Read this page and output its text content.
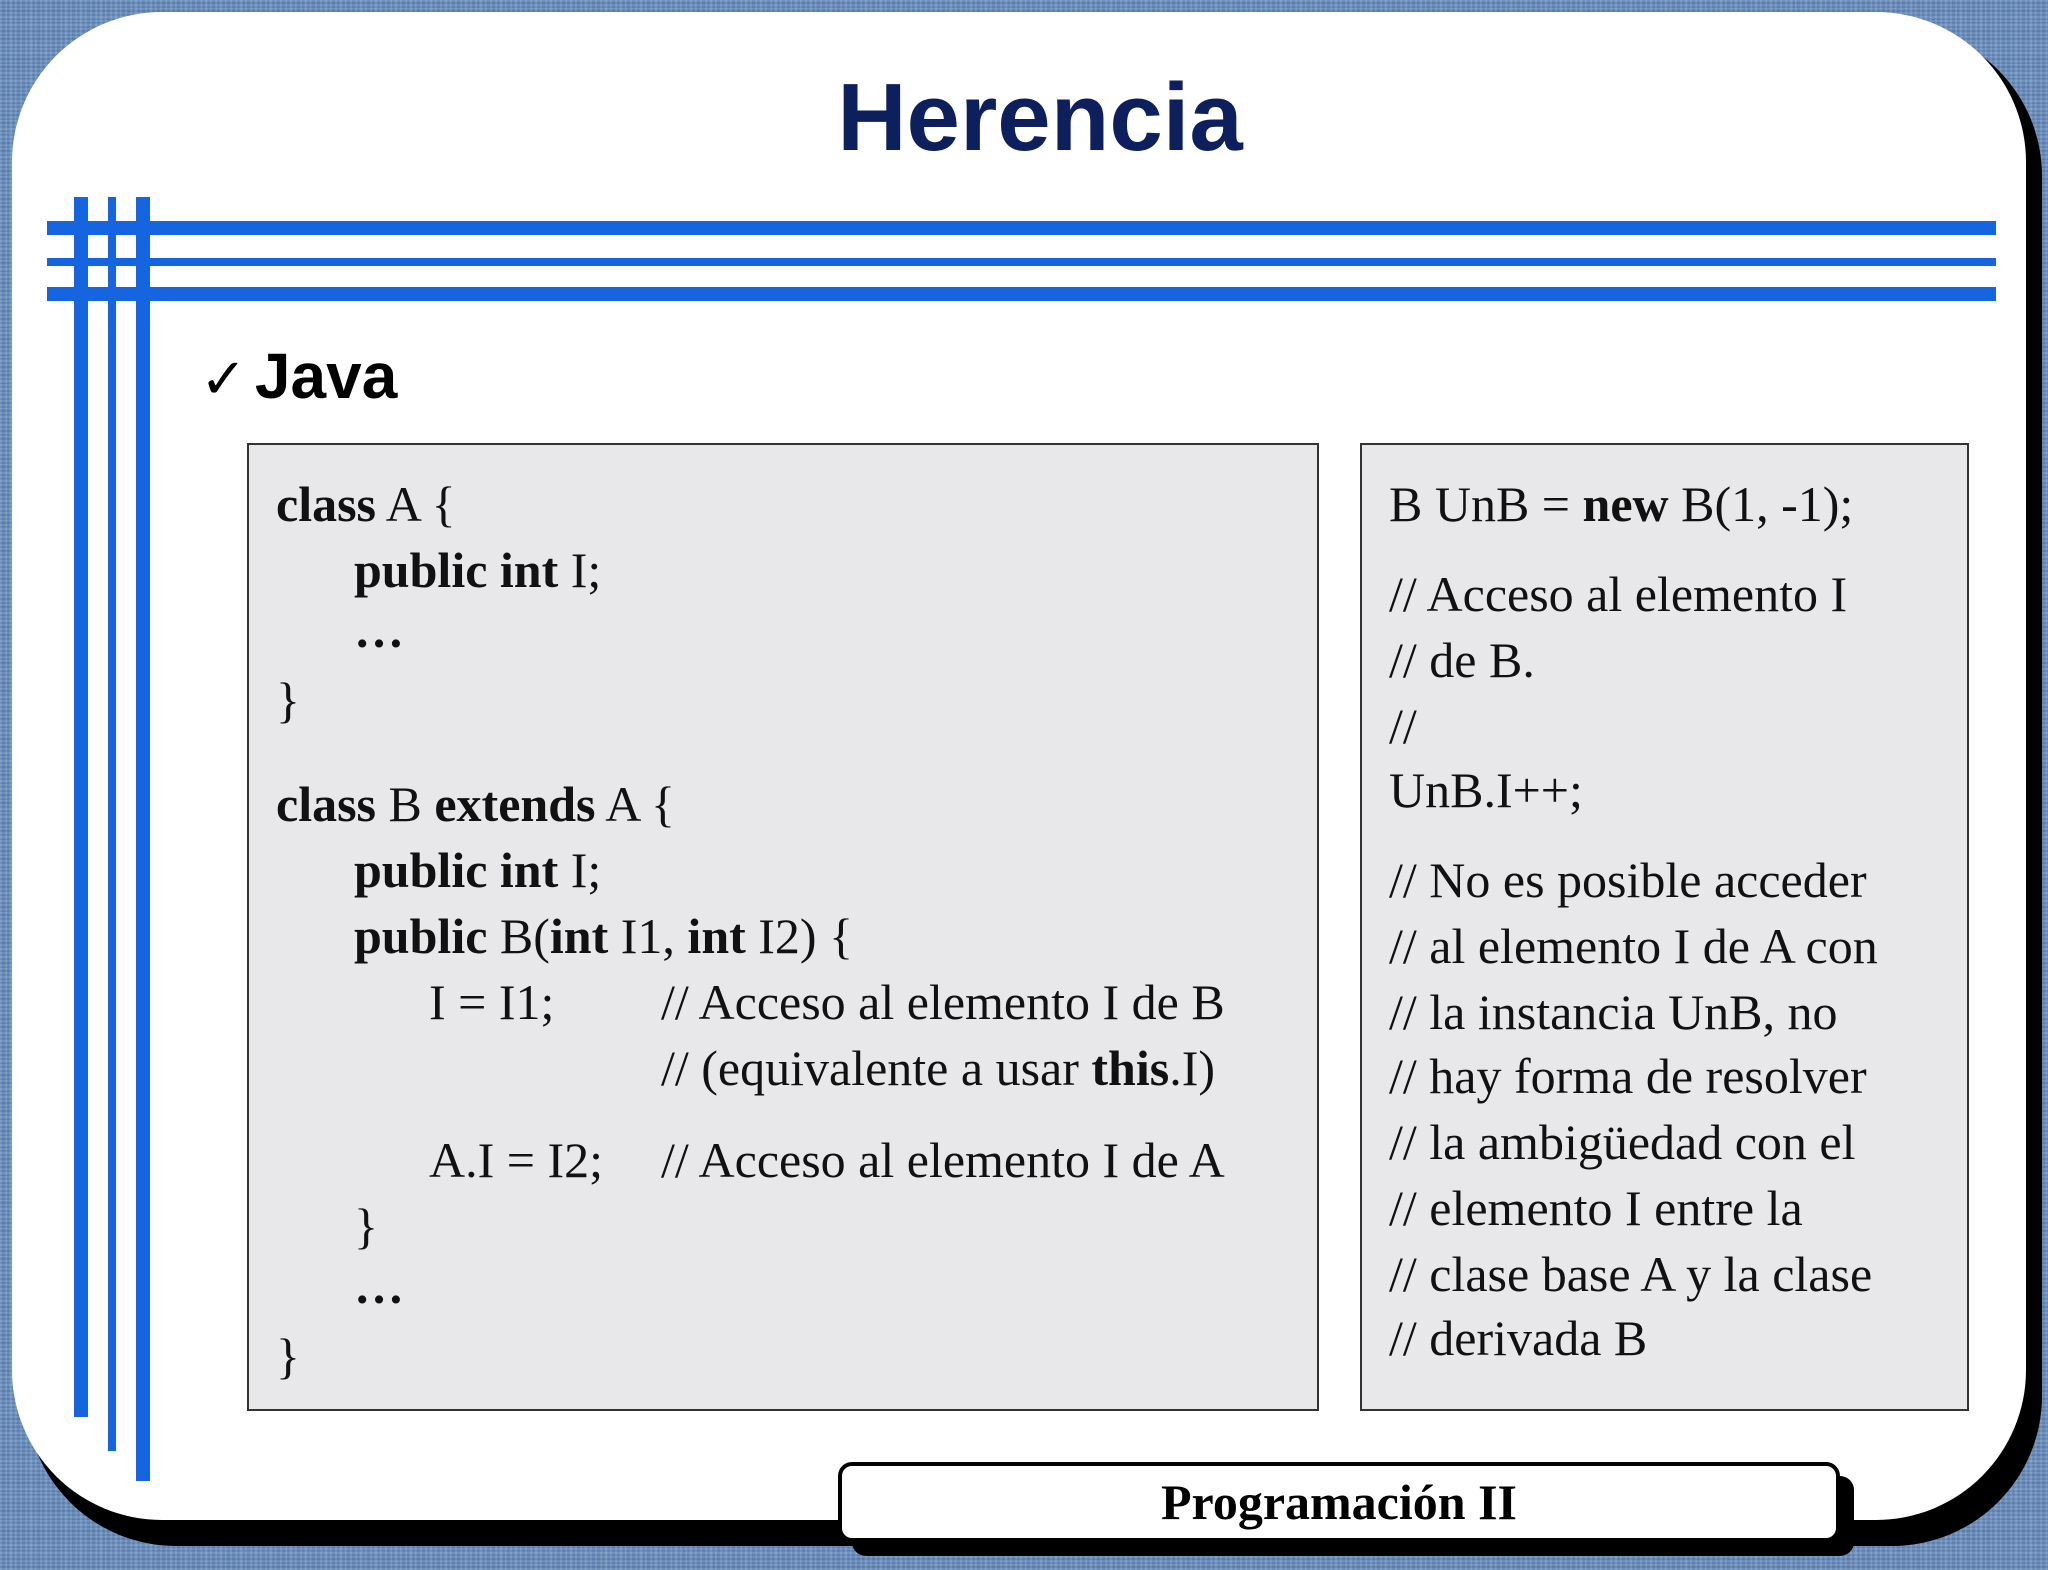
Herencia
✓ Java
class A {
public int I;
…
}
class B extends A {
public int I;
public B(int I1, int I2) {
I = I1; // Acceso al elemento I de B
// (equivalente a usar this.I)
A.I = I2; // Acceso al elemento I de A
}
…
}
B UnB = new B(1, -1);
// Acceso al elemento I
// de B.
//
UnB.I++;
// No es posible acceder
// al elemento I de A con
// la instancia UnB, no
// hay forma de resolver
// la ambigüedad con el
// elemento I entre la
// clase base A y la clase
// derivada B
Programación II
